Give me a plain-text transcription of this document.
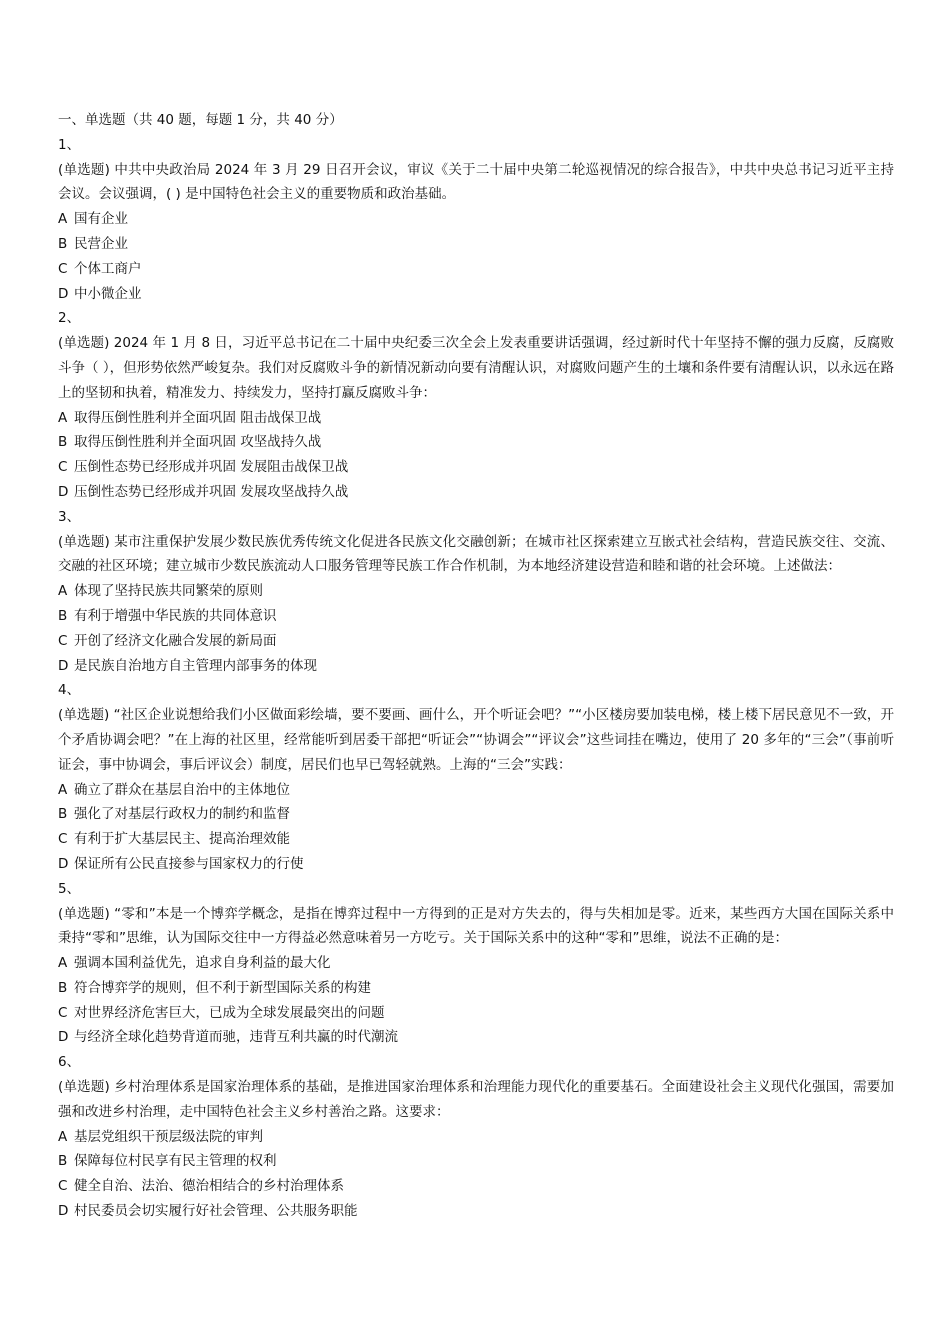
一、单选题（共 40 题，每题 1 分，共 40 分）

1、

(单选题) 中共中央政治局 2024 年 3 月 29 日召开会议，审议《关于二十届中央第二轮巡视情况的综合报告》，中共中央总书记习近平主持会议。会议强调，( ) 是中国特色社会主义的重要物质和政治基础。

A 国有企业

B 民营企业

C 个体工商户

D 中小微企业

2、

(单选题) 2024 年 1 月 8 日，习近平总书记在二十届中央纪委三次全会上发表重要讲话强调，经过新时代十年坚持不懈的强力反腐，反腐败斗争（ ），但形势依然严峻复杂。我们对反腐败斗争的新情况新动向要有清醒认识，对腐败问题产生的土壤和条件要有清醒认识，以永远在路上的坚韧和执着，精准发力、持续发力，坚持打赢反腐败斗争：

A 取得压倒性胜利并全面巩固 阻击战保卫战

B 取得压倒性胜利并全面巩固 攻坚战持久战

C 压倒性态势已经形成并巩固 发展阻击战保卫战

D 压倒性态势已经形成并巩固 发展攻坚战持久战

3、

(单选题) 某市注重保护发展少数民族优秀传统文化促进各民族文化交融创新；在城市社区探索建立互嵌式社会结构，营造民族交往、交流、交融的社区环境；建立城市少数民族流动人口服务管理等民族工作合作机制，为本地经济建设营造和睦和谐的社会环境。上述做法：

A 体现了坚持民族共同繁荣的原则

B 有利于增强中华民族的共同体意识

C 开创了经济文化融合发展的新局面

D 是民族自治地方自主管理内部事务的体现

4、

(单选题) “社区企业说想给我们小区做面彩绘墙，要不要画、画什么，开个听证会吧？”“小区楼房要加装电梯，楼上楼下居民意见不一致，开个矛盾协调会吧？”在上海的社区里，经常能听到居委干部把“听证会”“协调会”“评议会”这些词挂在嘴边，使用了 20 多年的“三会”（事前听证会，事中协调会，事后评议会）制度，居民们也早已驾轻就熟。上海的“三会”实践：

A 确立了群众在基层自治中的主体地位

B 强化了对基层行政权力的制约和监督

C 有利于扩大基层民主、提高治理效能

D 保证所有公民直接参与国家权力的行使

5、

(单选题) “零和”本是一个博弈学概念，是指在博弈过程中一方得到的正是对方失去的，得与失相加是零。近来，某些西方大国在国际关系中秉持“零和”思维，认为国际交往中一方得益必然意味着另一方吃亏。关于国际关系中的这种“零和”思维，说法不正确的是：

A 强调本国利益优先，追求自身利益的最大化

B 符合博弈学的规则，但不利于新型国际关系的构建

C 对世界经济危害巨大，已成为全球发展最突出的问题

D 与经济全球化趋势背道而驰，违背互利共赢的时代潮流

6、

(单选题) 乡村治理体系是国家治理体系的基础，是推进国家治理体系和治理能力现代化的重要基石。全面建设社会主义现代化强国，需要加强和改进乡村治理，走中国特色社会主义乡村善治之路。这要求：

A 基层党组织干预层级法院的审判

B 保障每位村民享有民主管理的权利

C 健全自治、法治、德治相结合的乡村治理体系

D 村民委员会切实履行好社会管理、公共服务职能
